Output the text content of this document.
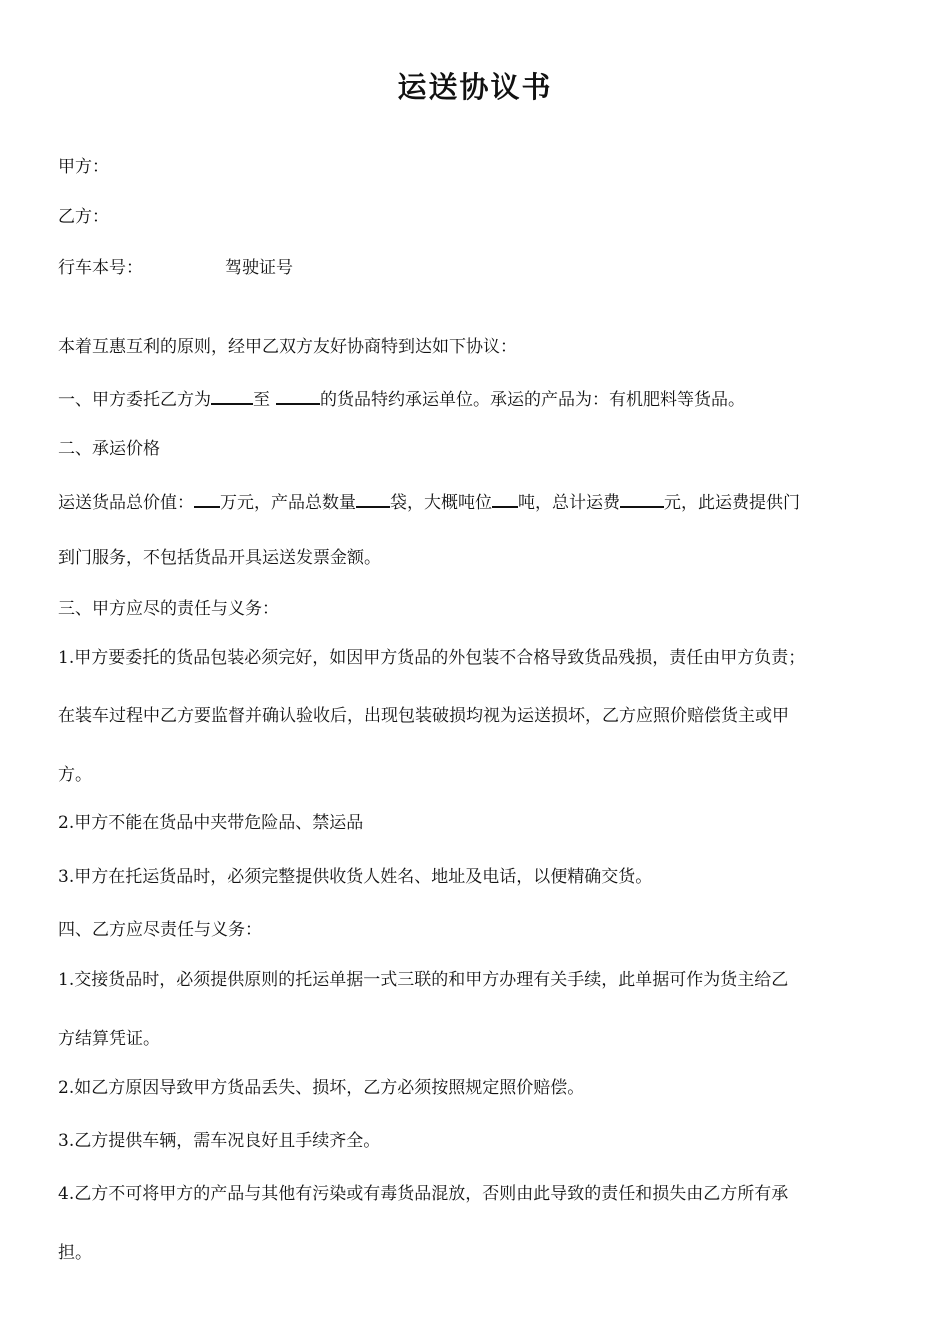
运送协议书

甲方：

乙方：

行车本号：	驾驶证号

本着互惠互利的原则，经甲乙双方友好协商特到达如下协议：

一、甲方委托乙方为 至	的货品特约承运单位。承运的产品为：有机肥料等货品。

二、承运价格

运送货品总价值： 万元，产品总数量 袋，大概吨位 吨，总计运费	元，此运费提供门

到门服务，不包括货品开具运送发票金额。

三、甲方应尽的责任与义务：

1.甲方要委托的货品包装必须完好，如因甲方货品的外包装不合格导致货品残损，责任由甲方负责；

在装车过程中乙方要监督并确认验收后，出现包装破损均视为运送损坏，乙方应照价赔偿货主或甲

方。

2.甲方不能在货品中夹带危险品、禁运品

3.甲方在托运货品时，必须完整提供收货人姓名、地址及电话，以便精确交货。

四、乙方应尽责任与义务：

1.交接货品时，必须提供原则的托运单据一式三联的和甲方办理有关手续，此单据可作为货主给乙

方结算凭证。

2.如乙方原因导致甲方货品丢失、损坏，乙方必须按照规定照价赔偿。

3.乙方提供车辆，需车况良好且手续齐全。

4.乙方不可将甲方的产品与其他有污染或有毒货品混放，否则由此导致的责任和损失由乙方所有承

担。
